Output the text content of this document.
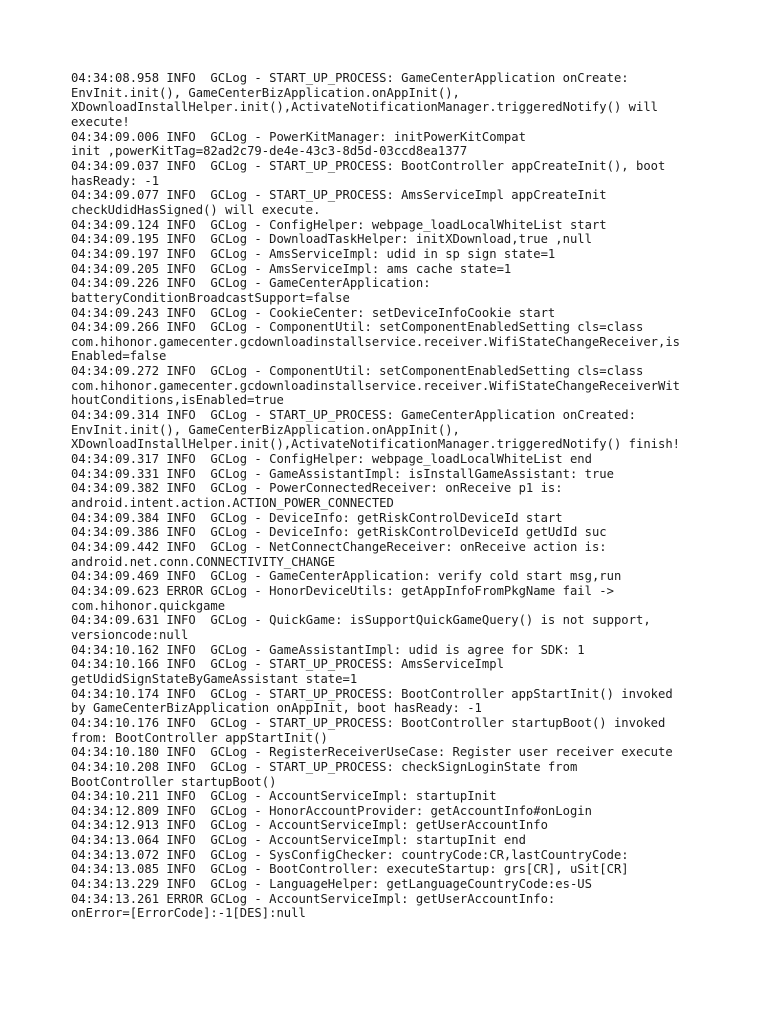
04:34:08.958 INFO  GCLog - START_UP_PROCESS: GameCenterApplication onCreate:
EnvInit.init(), GameCenterBizApplication.onAppInit(),
XDownloadInstallHelper.init(),ActivateNotificationManager.triggeredNotify() will
execute!
04:34:09.006 INFO  GCLog - PowerKitManager: initPowerKitCompat
init ,powerKitTag=82ad2c79-de4e-43c3-8d5d-03ccd8ea1377
04:34:09.037 INFO  GCLog - START_UP_PROCESS: BootController appCreateInit(), boot
hasReady: -1
04:34:09.077 INFO  GCLog - START_UP_PROCESS: AmsServiceImpl appCreateInit
checkUdidHasSigned() will execute.
04:34:09.124 INFO  GCLog - ConfigHelper: webpage_loadLocalWhiteList start
04:34:09.195 INFO  GCLog - DownloadTaskHelper: initXDownload,true ,null
04:34:09.197 INFO  GCLog - AmsServiceImpl: udid in sp sign state=1
04:34:09.205 INFO  GCLog - AmsServiceImpl: ams cache state=1
04:34:09.226 INFO  GCLog - GameCenterApplication:
batteryConditionBroadcastSupport=false
04:34:09.243 INFO  GCLog - CookieCenter: setDeviceInfoCookie start
04:34:09.266 INFO  GCLog - ComponentUtil: setComponentEnabledSetting cls=class
com.hihonor.gamecenter.gcdownloadinstallservice.receiver.WifiStateChangeReceiver,is
Enabled=false
04:34:09.272 INFO  GCLog - ComponentUtil: setComponentEnabledSetting cls=class
com.hihonor.gamecenter.gcdownloadinstallservice.receiver.WifiStateChangeReceiverWit
houtConditions,isEnabled=true
04:34:09.314 INFO  GCLog - START_UP_PROCESS: GameCenterApplication onCreated:
EnvInit.init(), GameCenterBizApplication.onAppInit(),
XDownloadInstallHelper.init(),ActivateNotificationManager.triggeredNotify() finish!
04:34:09.317 INFO  GCLog - ConfigHelper: webpage_loadLocalWhiteList end
04:34:09.331 INFO  GCLog - GameAssistantImpl: isInstallGameAssistant: true
04:34:09.382 INFO  GCLog - PowerConnectedReceiver: onReceive p1 is:
android.intent.action.ACTION_POWER_CONNECTED
04:34:09.384 INFO  GCLog - DeviceInfo: getRiskControlDeviceId start
04:34:09.386 INFO  GCLog - DeviceInfo: getRiskControlDeviceId getUdId suc
04:34:09.442 INFO  GCLog - NetConnectChangeReceiver: onReceive action is:
android.net.conn.CONNECTIVITY_CHANGE
04:34:09.469 INFO  GCLog - GameCenterApplication: verify cold start msg,run
04:34:09.623 ERROR GCLog - HonorDeviceUtils: getAppInfoFromPkgName fail ->
com.hihonor.quickgame
04:34:09.631 INFO  GCLog - QuickGame: isSupportQuickGameQuery() is not support,
versioncode:null
04:34:10.162 INFO  GCLog - GameAssistantImpl: udid is agree for SDK: 1
04:34:10.166 INFO  GCLog - START_UP_PROCESS: AmsServiceImpl
getUdidSignStateByGameAssistant state=1
04:34:10.174 INFO  GCLog - START_UP_PROCESS: BootController appStartInit() invoked
by GameCenterBizApplication onAppInit, boot hasReady: -1
04:34:10.176 INFO  GCLog - START_UP_PROCESS: BootController startupBoot() invoked
from: BootController appStartInit()
04:34:10.180 INFO  GCLog - RegisterReceiverUseCase: Register user receiver execute
04:34:10.208 INFO  GCLog - START_UP_PROCESS: checkSignLoginState from
BootController startupBoot()
04:34:10.211 INFO  GCLog - AccountServiceImpl: startupInit
04:34:12.809 INFO  GCLog - HonorAccountProvider: getAccountInfo#onLogin
04:34:12.913 INFO  GCLog - AccountServiceImpl: getUserAccountInfo
04:34:13.064 INFO  GCLog - AccountServiceImpl: startupInit end
04:34:13.072 INFO  GCLog - SysConfigChecker: countryCode:CR,lastCountryCode:
04:34:13.085 INFO  GCLog - BootController: executeStartup: grs[CR], uSit[CR]
04:34:13.229 INFO  GCLog - LanguageHelper: getLanguageCountryCode:es-US
04:34:13.261 ERROR GCLog - AccountServiceImpl: getUserAccountInfo:
onError=[ErrorCode]:-1[DES]:null
